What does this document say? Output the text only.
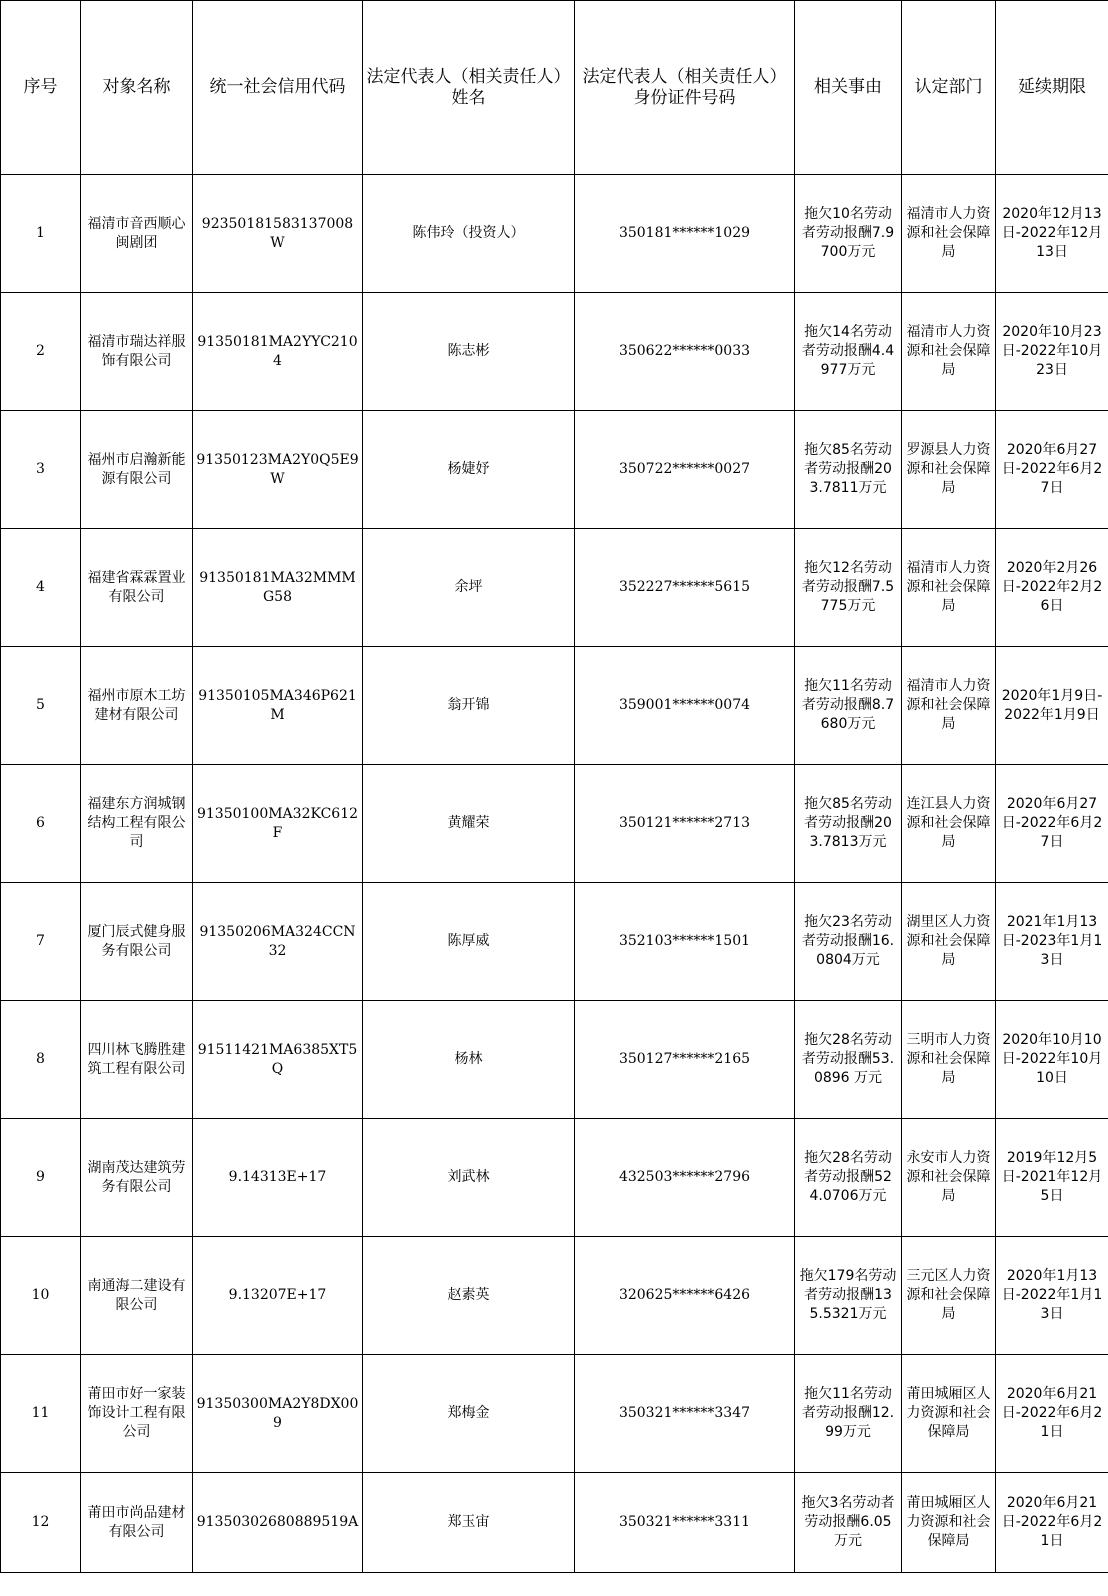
序号	对象名称	统一社会信用代码	法定代表人（相关责任人）姓名	法定代表人（相关责任人）身份证件号码	相关事由	认定部门	延续期限
1	福清市音西顺心闽剧团	92350181583137008W	陈伟玲（投资人）	350181******1029	拖欠10名劳动者劳动报酬7.9700万元	福清市人力资源和社会保障局	2020年12月13日-2022年12月13日
2	福清市瑞达祥服饰有限公司	91350181MA2YYC2104	陈志彬	350622******0033	拖欠14名劳动者劳动报酬4.4977万元	福清市人力资源和社会保障局	2020年10月23日-2022年10月23日
3	福州市启瀚新能源有限公司	91350123MA2Y0Q5E9W	杨婕妤	350722******0027	拖欠85名劳动者劳动报酬203.7811万元	罗源县人力资源和社会保障局	2020年6月27日-2022年6月27日
4	福建省霖霖置业有限公司	91350181MA32MMMG58	余坪	352227******5615	拖欠12名劳动者劳动报酬7.5775万元	福清市人力资源和社会保障局	2020年2月26日-2022年2月26日
5	福州市原木工坊建材有限公司	91350105MA346P621M	翁开锦	359001******0074	拖欠11名劳动者劳动报酬8.7680万元	福清市人力资源和社会保障局	2020年1月9日-2022年1月9日
6	福建东方润城钢结构工程有限公司	91350100MA32KC612F	黄耀荣	350121******2713	拖欠85名劳动者劳动报酬203.7813万元	连江县人力资源和社会保障局	2020年6月27日-2022年6月27日
7	厦门辰式健身服务有限公司	91350206MA324CCN32	陈厚威	352103******1501	拖欠23名劳动者劳动报酬16.0804万元	湖里区人力资源和社会保障局	2021年1月13日-2023年1月13日
8	四川林飞腾胜建筑工程有限公司	91511421MA6385XT5Q	杨林	350127******2165	拖欠28名劳动者劳动报酬53.0896 万元	三明市人力资源和社会保障局	2020年10月10日-2022年10月10日
9	湖南茂达建筑劳务有限公司	9.14313E+17	刘武林	432503******2796	拖欠28名劳动者劳动报酬524.0706万元	永安市人力资源和社会保障局	2019年12月5日-2021年12月5日
10	南通海二建设有限公司	9.13207E+17	赵素英	320625******6426	拖欠179名劳动者劳动报酬135.5321万元	三元区人力资源和社会保障局	2020年1月13日-2022年1月13日
11	莆田市好一家装饰设计工程有限公司	91350300MA2Y8DX009	郑梅金	350321******3347	拖欠11名劳动者劳动报酬12.99万元	莆田城厢区人力资源和社会保障局	2020年6月21日-2022年6月21日
12	莆田市尚品建材有限公司	91350302680889519A	郑玉宙	350321******3311	拖欠3名劳动者劳动报酬6.05万元	莆田城厢区人力资源和社会保障局	2020年6月21日-2022年6月21日
